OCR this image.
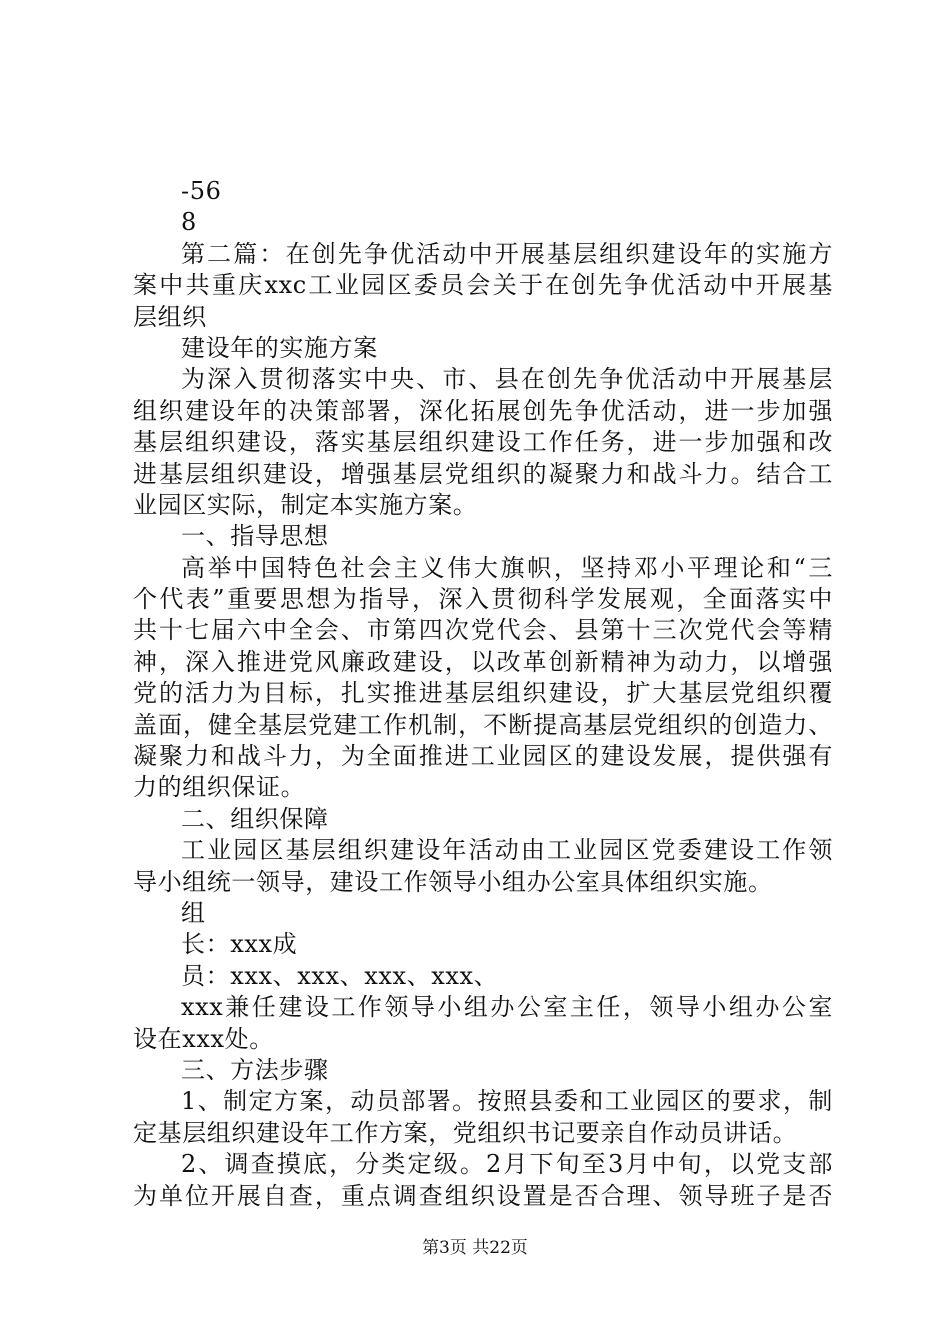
-56
8
第二篇：在创先争优活动中开展基层组织建设年的实施方
案中共重庆xxc工业园区委员会关于在创先争优活动中开展基
层组织
建设年的实施方案
为深入贯彻落实中央、市、县在创先争优活动中开展基层
组织建设年的决策部署，深化拓展创先争优活动，进一步加强
基层组织建设，落实基层组织建设工作任务，进一步加强和改
进基层组织建设，增强基层党组织的凝聚力和战斗力。结合工
业园区实际，制定本实施方案。
一、指导思想
高举中国特色社会主义伟大旗帜，坚持邓小平理论和“三
个代表”重要思想为指导，深入贯彻科学发展观，全面落实中
共十七届六中全会、市第四次党代会、县第十三次党代会等精
神，深入推进党风廉政建设，以改革创新精神为动力，以增强
党的活力为目标，扎实推进基层组织建设，扩大基层党组织覆
盖面，健全基层党建工作机制，不断提高基层党组织的创造力、
凝聚力和战斗力，为全面推进工业园区的建设发展，提供强有
力的组织保证。
二、组织保障
工业园区基层组织建设年活动由工业园区党委建设工作领
导小组统一领导，建设工作领导小组办公室具体组织实施。
组
长：xxx成
员：xxx、xxx、xxx、xxx、
xxx兼任建设工作领导小组办公室主任，领导小组办公室
设在xxx处。
三、方法步骤
1、制定方案，动员部署。按照县委和工业园区的要求，制
定基层组织建设年工作方案，党组织书记要亲自作动员讲话。
2、调查摸底，分类定级。2月下旬至3月中旬，以党支部
为单位开展自查，重点调查组织设置是否合理、领导班子是否
第3页 共22页
